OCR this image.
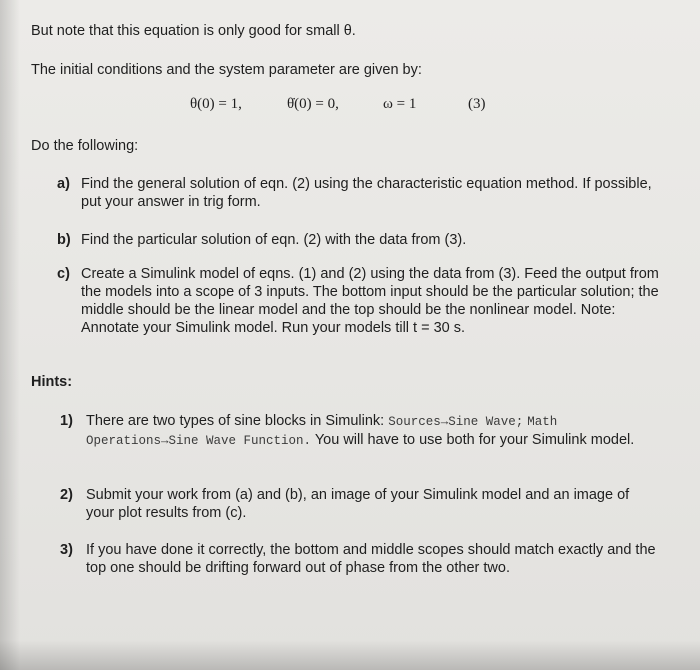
But note that this equation is only good for small θ.
The initial conditions and the system parameter are given by:
θ(0) = 1,	θ̇(0) = 0,	ω = 1	(3)
Do the following:
a) Find the general solution of eqn. (2) using the characteristic equation method. If possible, put your answer in trig form.
b) Find the particular solution of eqn. (2) with the data from (3).
c) Create a Simulink model of eqns. (1) and (2) using the data from (3). Feed the output from the models into a scope of 3 inputs. The bottom input should be the particular solution; the middle should be the linear model and the top should be the nonlinear model. Note: Annotate your Simulink model. Run your models till t = 30 s.
Hints:
1) There are two types of sine blocks in Simulink: Sources→Sine Wave; Math Operations→Sine Wave Function. You will have to use both for your Simulink model.
2) Submit your work from (a) and (b), an image of your Simulink model and an image of your plot results from (c).
3) If you have done it correctly, the bottom and middle scopes should match exactly and the top one should be drifting forward out of phase from the other two.
